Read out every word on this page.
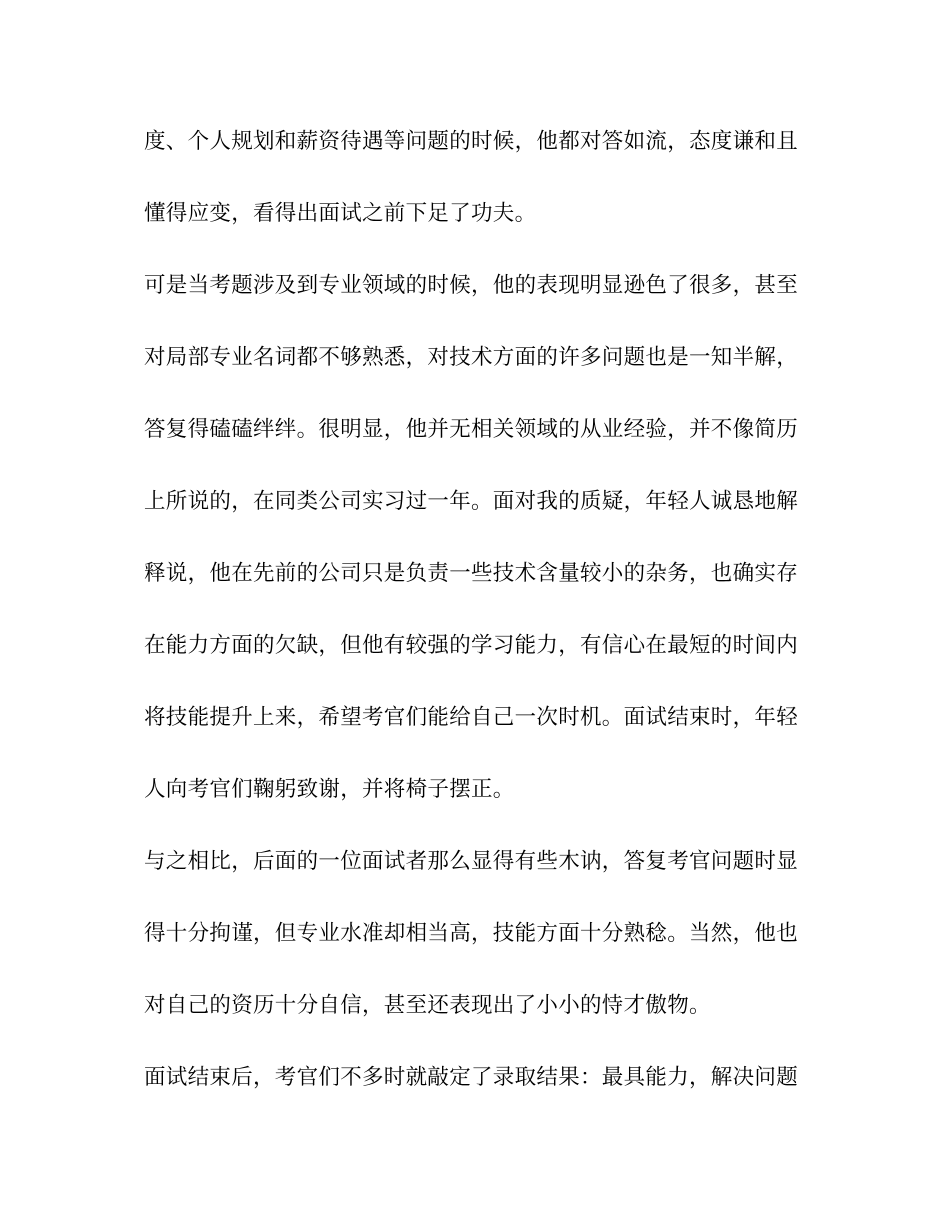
度、个人规划和薪资待遇等问题的时候，他都对答如流，态度谦和且
懂得应变，看得出面试之前下足了功夫。
可是当考题涉及到专业领域的时候，他的表现明显逊色了很多，甚至
对局部专业名词都不够熟悉，对技术方面的许多问题也是一知半解，
答复得磕磕绊绊。很明显，他并无相关领域的从业经验，并不像简历
上所说的，在同类公司实习过一年。面对我的质疑，年轻人诚恳地解
释说，他在先前的公司只是负责一些技术含量较小的杂务，也确实存
在能力方面的欠缺，但他有较强的学习能力，有信心在最短的时间内
将技能提升上来，希望考官们能给自己一次时机。面试结束时，年轻
人向考官们鞠躬致谢，并将椅子摆正。
与之相比，后面的一位面试者那么显得有些木讷，答复考官问题时显
得十分拘谨，但专业水准却相当高，技能方面十分熟稔。当然，他也
对自己的资历十分自信，甚至还表现出了小小的恃才傲物。
面试结束后，考官们不多时就敲定了录取结果：最具能力，解决问题
